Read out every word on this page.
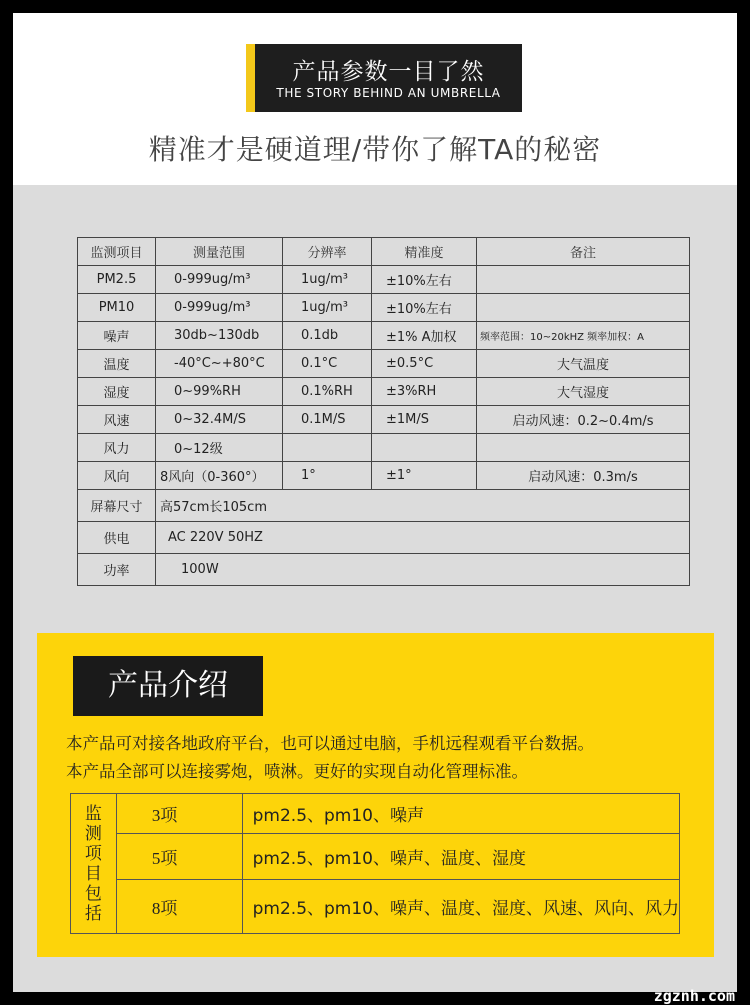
产品参数一目了然
THE STORY BEHIND AN UMBRELLA
精准才是硬道理/带你了解TA的秘密
监测项目	测量范围	分辨率	精准度	备注
PM2.5	0-999ug/m³	1ug/m³	±10%左右	
PM10	0-999ug/m³	1ug/m³	±10%左右	
噪声	30db~130db	0.1db	±1% A加权	频率范围：10~20kHZ 频率加权：A
温度	-40°C~+80°C	0.1°C	±0.5°C	大气温度
湿度	0~99%RH	0.1%RH	±3%RH	大气湿度
风速	0~32.4M/S	0.1M/S	±1M/S	启动风速：0.2~0.4m/s
风力	0~12级			
风向	8风向（0-360°）	1°	±1°	启动风速：0.3m/s
屏幕尺寸	高57cm长105cm			
供电	AC 220V 50HZ			
功率	100W			
产品介绍
本产品可对接各地政府平台，也可以通过电脑，手机远程观看平台数据。
本产品全部可以连接雾炮，喷淋。更好的实现自动化管理标准。
监测项目包括	3项	pm2.5、pm10、噪声
	5项	pm2.5、pm10、噪声、温度、湿度
	8项	pm2.5、pm10、噪声、温度、湿度、风速、风向、风力
zgznh.com
